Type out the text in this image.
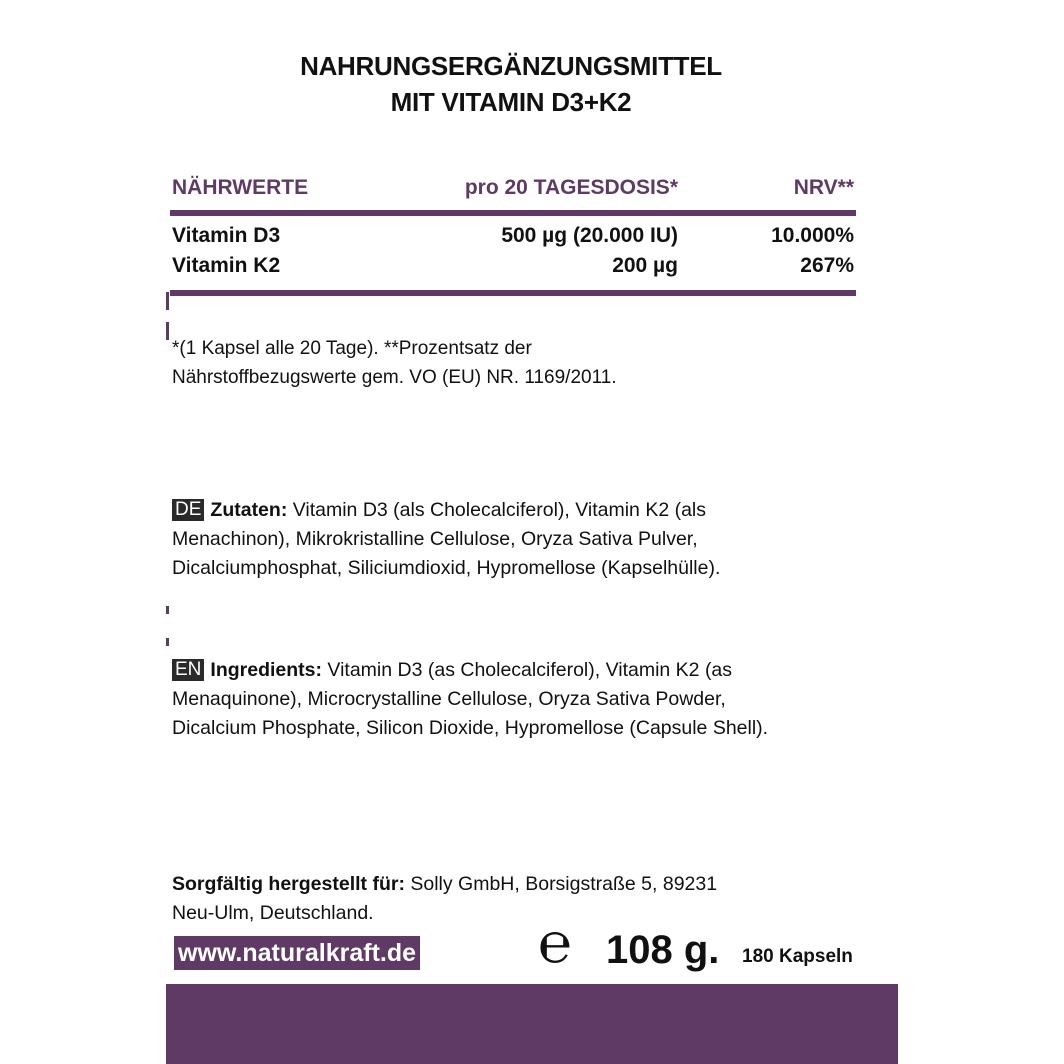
NAHRUNGSERGÄNZUNGSMITTEL
MIT VITAMIN D3+K2
NÄHRWERTE	pro 20 TAGESDOSIS*	NRV**
Vitamin D3	500 µg (20.000 IU)	10.000%
Vitamin K2	200 µg	267%
*(1 Kapsel alle 20 Tage). **Prozentsatz der
Nährstoffbezugswerte gem. VO (EU) NR. 1169/2011.
DE Zutaten: Vitamin D3 (als Cholecalciferol), Vitamin K2 (als
Menachinon), Mikrokristalline Cellulose, Oryza Sativa Pulver,
Dicalciumphosphat, Siliciumdioxid, Hypromellose (Kapselhülle).
EN Ingredients: Vitamin D3 (as Cholecalciferol), Vitamin K2 (as
Menaquinone), Microcrystalline Cellulose, Oryza Sativa Powder,
Dicalcium Phosphate, Silicon Dioxide, Hypromellose (Capsule Shell).
Sorgfältig hergestellt für: Solly GmbH, Borsigstraße 5, 89231
Neu-Ulm, Deutschland.
www.naturalkraft.de ℮ 108 g. 180 Kapseln
